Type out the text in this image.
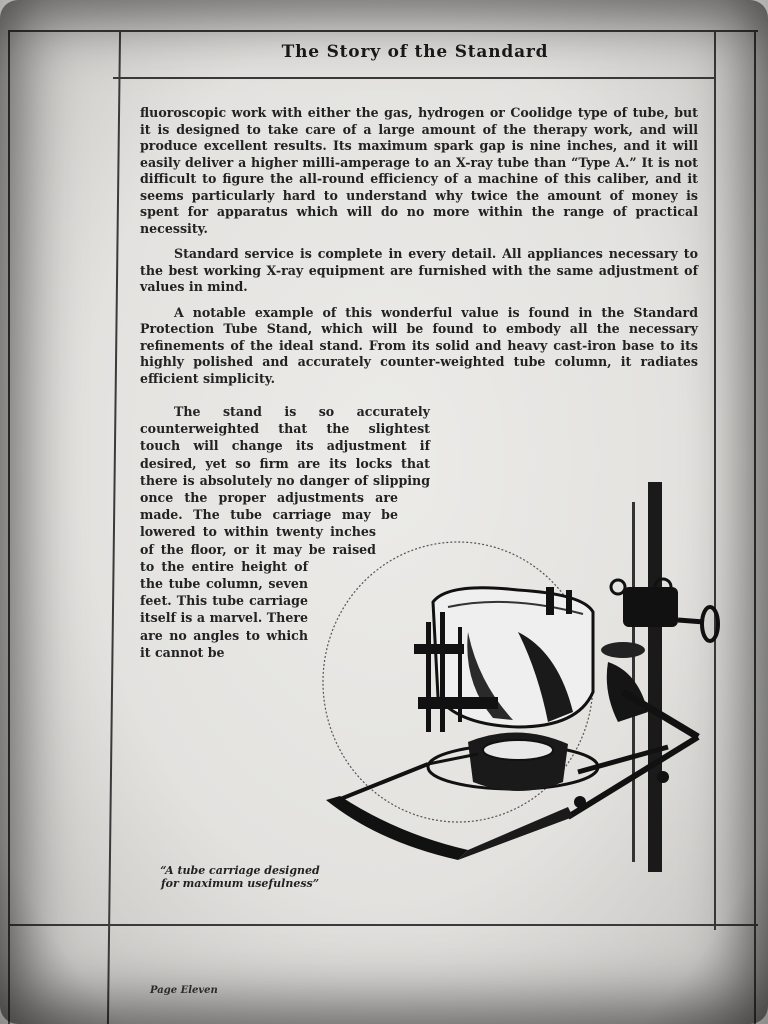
The Story of the Standard

fluoroscopic work with either the gas, hydrogen or Coolidge type of tube, but it is designed to take care of a large amount of the therapy work, and will produce excellent results. Its maximum spark gap is nine inches, and it will easily deliver a higher milli-amperage to an X-ray tube than “Type A.” It is not difficult to figure the all-round efficiency of a machine of this caliber, and it seems particularly hard to understand why twice the amount of money is spent for apparatus which will do no more within the range of practical necessity.

Standard service is complete in every detail. All appliances necessary to the best working X-ray equipment are furnished with the same adjustment of values in mind.

A notable example of this wonderful value is found in the Standard Protection Tube Stand, which will be found to embody all the necessary refinements of the ideal stand. From its solid and heavy cast-iron base to its highly polished and accurately counter-weighted tube column, it radiates efficient simplicity.

The stand is so accurately counterweighted that the slightest touch will change its adjustment if desired, yet so firm are its locks that there is absolutely no danger of slipping once the proper adjustments are made. The tube carriage may be lowered to within twenty inches of the floor, or it may be raised to the entire height of the tube column, seven feet. This tube carriage itself is a marvel. There are no angles to which it cannot be

“A tube carriage designed
for maximum usefulness”

Page Eleven
